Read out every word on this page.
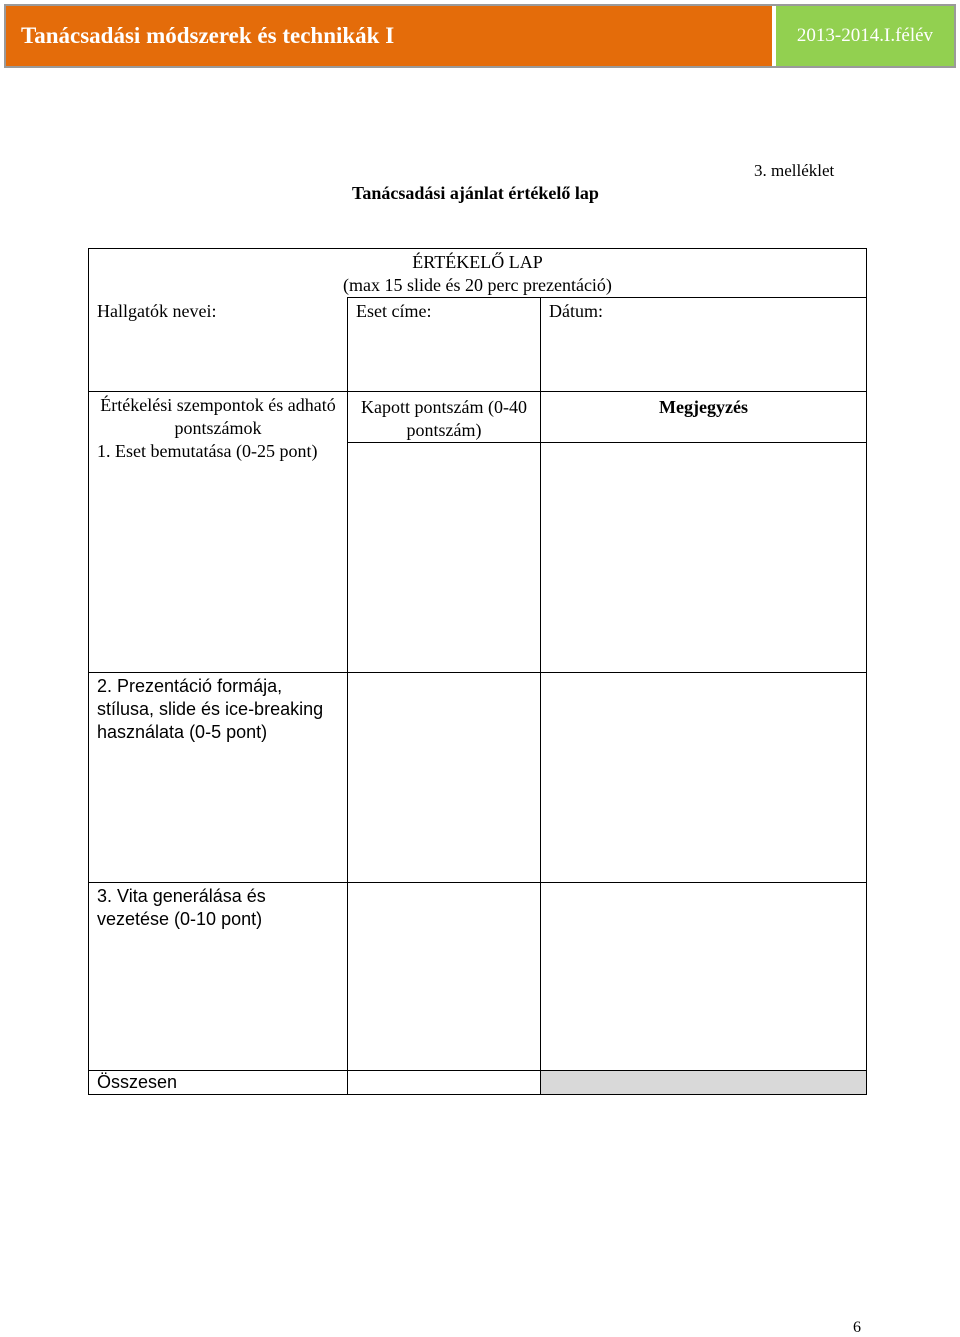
Tanácsadási módszerek és technikák I	2013-2014.I.félév
3. melléklet
Tanácsadási ajánlat értékelő lap
ÉRTÉKELŐ LAP
(max 15 slide és 20 perc prezentáció)		

Hallgatók nevei:	Eset címe:	Dátum:

Értékelési szempontok és adható pontszámok
1. Eset bemutatása (0-25 pont)	Kapott pontszám (0-40 pontszám)	Megjegyzés

2. Prezentáció formája, stílusa, slide és ice-breaking használata (0-5 pont)		

3. Vita generálása és vezetése (0-10 pont)		

Összesen		
6
